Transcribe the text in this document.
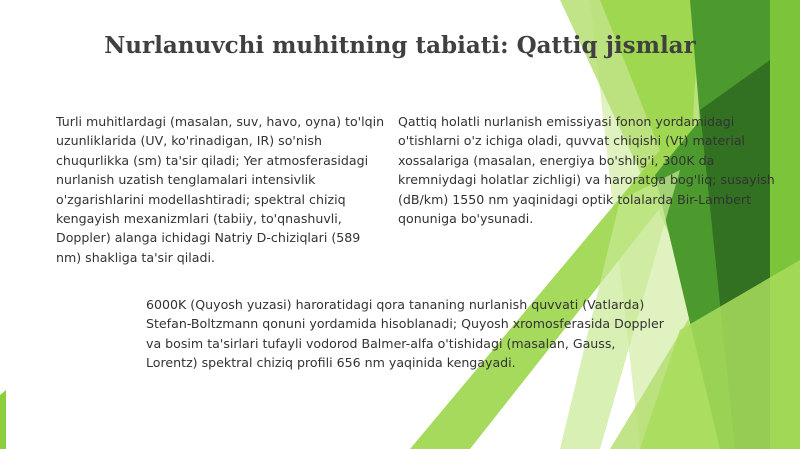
Nurlanuvchi muhitning tabiati: Qattiq jismlar

Turli muhitlardagi (masalan, suv, havo, oyna) to'lqin uzunliklarida (UV, ko'rinadigan, IR) so'nish chuqurlikka (sm) ta'sir qiladi; Yer atmosferasidagi nurlanish uzatish tenglamalari intensivlik o'zgarishlarini modellashtiradi; spektral chiziq kengayish mexanizmlari (tabiiy, to'qnashuvli, Doppler) alanga ichidagi Natriy D-chiziqlari (589 nm) shakliga ta'sir qiladi.

Qattiq holatli nurlanish emissiyasi fonon yordamidagi o'tishlarni o'z ichiga oladi, quvvat chiqishi (Vt) material xossalariga (masalan, energiya bo'shlig'i, 300K da kremniydagi holatlar zichligi) va haroratga bog'liq; susayish (dB/km) 1550 nm yaqinidagi optik tolalarda Bir-Lambert qonuniga bo'ysunadi.

6000K (Quyosh yuzasi) haroratidagi qora tananing nurlanish quvvati (Vatlarda) Stefan-Boltzmann qonuni yordamida hisoblanadi; Quyosh xromosferasida Doppler va bosim ta'sirlari tufayli vodorod Balmer-alfa o'tishidagi (masalan, Gauss, Lorentz) spektral chiziq profili 656 nm yaqinida kengayadi.
